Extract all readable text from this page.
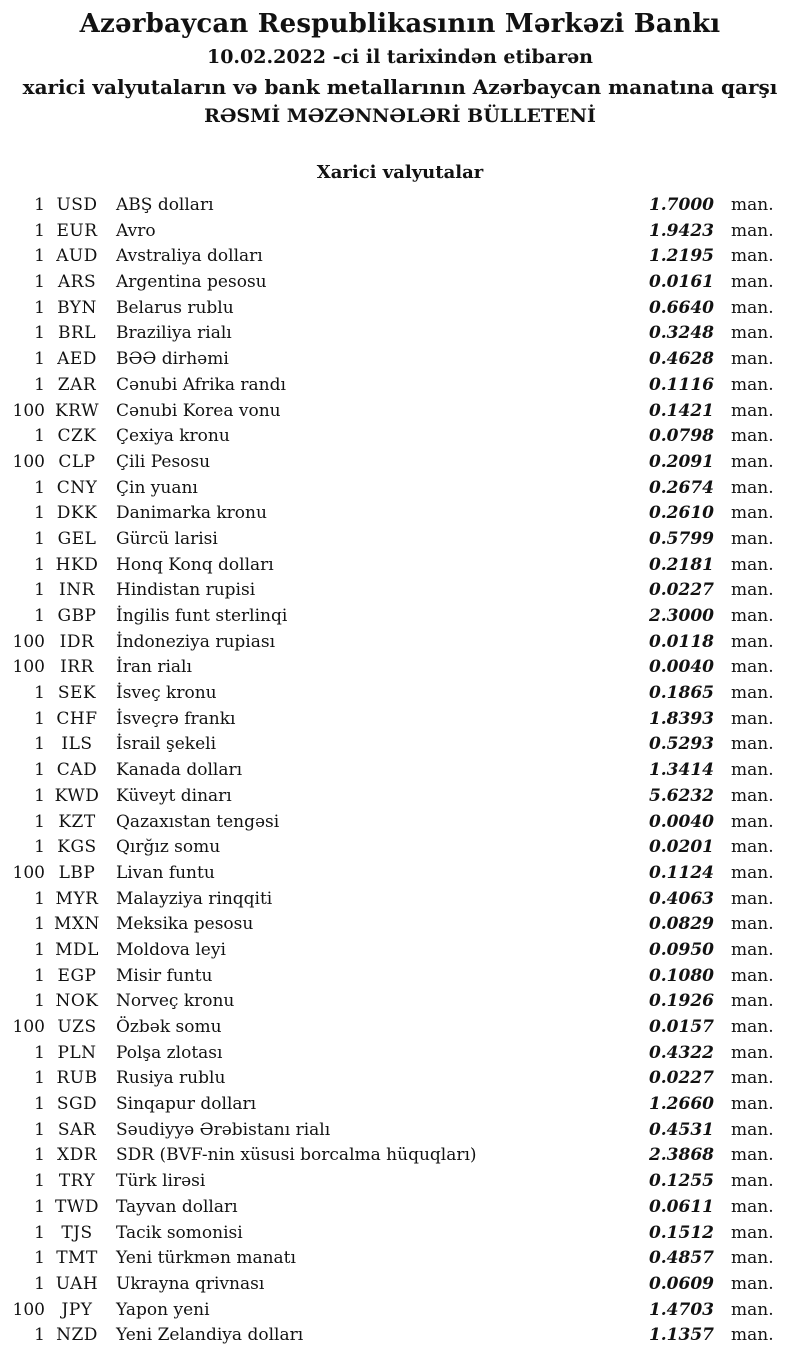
Azərbaycan Respublikasının Mərkəzi Bankı
10.02.2022 -ci il tarixindən etibarən
xarici valyutaların və bank metallarının Azərbaycan manatına qarşı
RƏSMİ MƏZƏNNƏLƏRİ BÜLLETENİ
Xarici valyutalar
1 USD	ABŞ dolları	1.7000	man.
1 EUR	Avro	1.9423	man.
1 AUD	Avstraliya dolları	1.2195	man.
1 ARS	Argentina pesosu	0.0161	man.
1 BYN	Belarus rublu	0.6640	man.
1 BRL	Braziliya rialı	0.3248	man.
1 AED	BƏƏ dirhəmi	0.4628	man.
1 ZAR	Cənubi Afrika randı	0.1116	man.
100 KRW Cənubi Korea vonu	0.1421	man.
1 CZK	Çexiya kronu	0.0798	man.
100 CLP	Çili Pesosu	0.2091	man.
1 CNY	Çin yuanı	0.2674	man.
1 DKK	Danimarka kronu	0.2610	man.
1 GEL	Gürcü larisi	0.5799	man.
1 HKD	Honq Konq dolları	0.2181	man.
1 INR	Hindistan rupisi	0.0227	man.
1 GBP	İngilis funt sterlinqi	2.3000	man.
100 IDR	İndoneziya rupiası	0.0118	man.
100 IRR	İran rialı	0.0040	man.
1 SEK	İsveç kronu	0.1865	man.
1 CHF	İsveçrə frankı	1.8393	man.
1 ILS	İsrail şekeli	0.5293	man.
1 CAD	Kanada dolları	1.3414	man.
1 KWD Küveyt dinarı	5.6232	man.
1 KZT	Qazaxıstan tengəsi	0.0040	man.
1 KGS	Qırğız somu	0.0201	man.
100 LBP	Livan funtu	0.1124	man.
1 MYR	Malayziya rinqqiti	0.4063	man.
1 MXN Meksika pesosu	0.0829	man.
1 MDL	Moldova leyi	0.0950	man.
1 EGP	Misir funtu	0.1080	man.
1 NOK	Norveç kronu	0.1926	man.
100 UZS	Özbək somu	0.0157	man.
1 PLN	Polşa zlotası	0.4322	man.
1 RUB	Rusiya rublu	0.0227	man.
1 SGD	Sinqapur dolları	1.2660	man.
1 SAR	Səudiyyə Ərəbistanı rialı	0.4531	man.
1 XDR	SDR (BVF-nin xüsusi borcalma hüquqları)	2.3868	man.
1 TRY	Türk lirəsi	0.1255	man.
1 TWD	Tayvan dolları	0.0611	man.
1 TJS	Tacik somonisi	0.1512	man.
1 TMT	Yeni türkmən manatı	0.4857	man.
1 UAH	Ukrayna qrivnası	0.0609	man.
100 JPY	Yapon yeni	1.4703	man.
1 NZD	Yeni Zelandiya dolları	1.1357	man.
